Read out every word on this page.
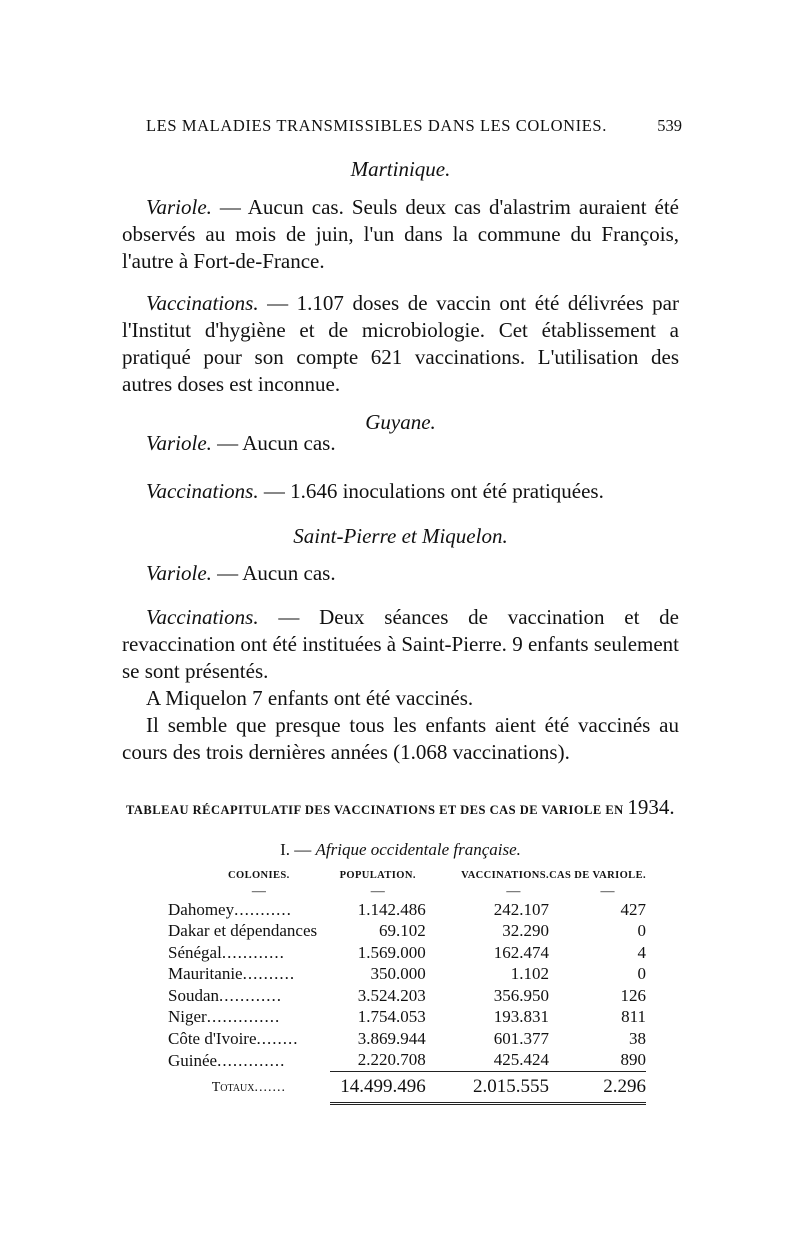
LES MALADIES TRANSMISSIBLES DANS LES COLONIES.	539
Martinique.

Variole. — Aucun cas. Seuls deux cas d'alastrim auraient été observés au mois de juin, l'un dans la commune du François, l'autre à Fort-de-France.

Vaccinations. — 1.107 doses de vaccin ont été délivrées par l'Institut d'hygiène et de microbiologie. Cet établissement a pratiqué pour son compte 621 vaccinations. L'utilisation des autres doses est inconnue.

Guyane.

Variole. — Aucun cas.

Vaccinations. — 1.646 inoculations ont été pratiquées.

Saint-Pierre et Miquelon.

Variole. — Aucun cas.

Vaccinations. — Deux séances de vaccination et de revaccination ont été instituées à Saint-Pierre. 9 enfants seulement se sont présentés.

A Miquelon 7 enfants ont été vaccinés.

Il semble que presque tous les enfants aient été vaccinés au cours des trois dernières années (1.068 vaccinations).

TABLEAU RÉCAPITULATIF DES VACCINATIONS ET DES CAS DE VARIOLE EN 1934.
I. — Afrique occidentale française.
COLONIES.	POPULATION.	VACCINATIONS.	CAS DE VARIOLE.
—	—	—	—
Dahomey...........	1.142.486	242.107	427
Dakar et dépendances	69.102	32.290	0
Sénégal............	1.569.000	162.474	4
Mauritanie..........	350.000	1.102	0
Soudan............	3.524.203	356.950	126
Niger..............	1.754.053	193.831	811
Côte d'Ivoire........	3.869.944	601.377	38
Guinée.............	2.220.708	425.424	890
Totaux.......	14.499.496	2.015.555	2.296
